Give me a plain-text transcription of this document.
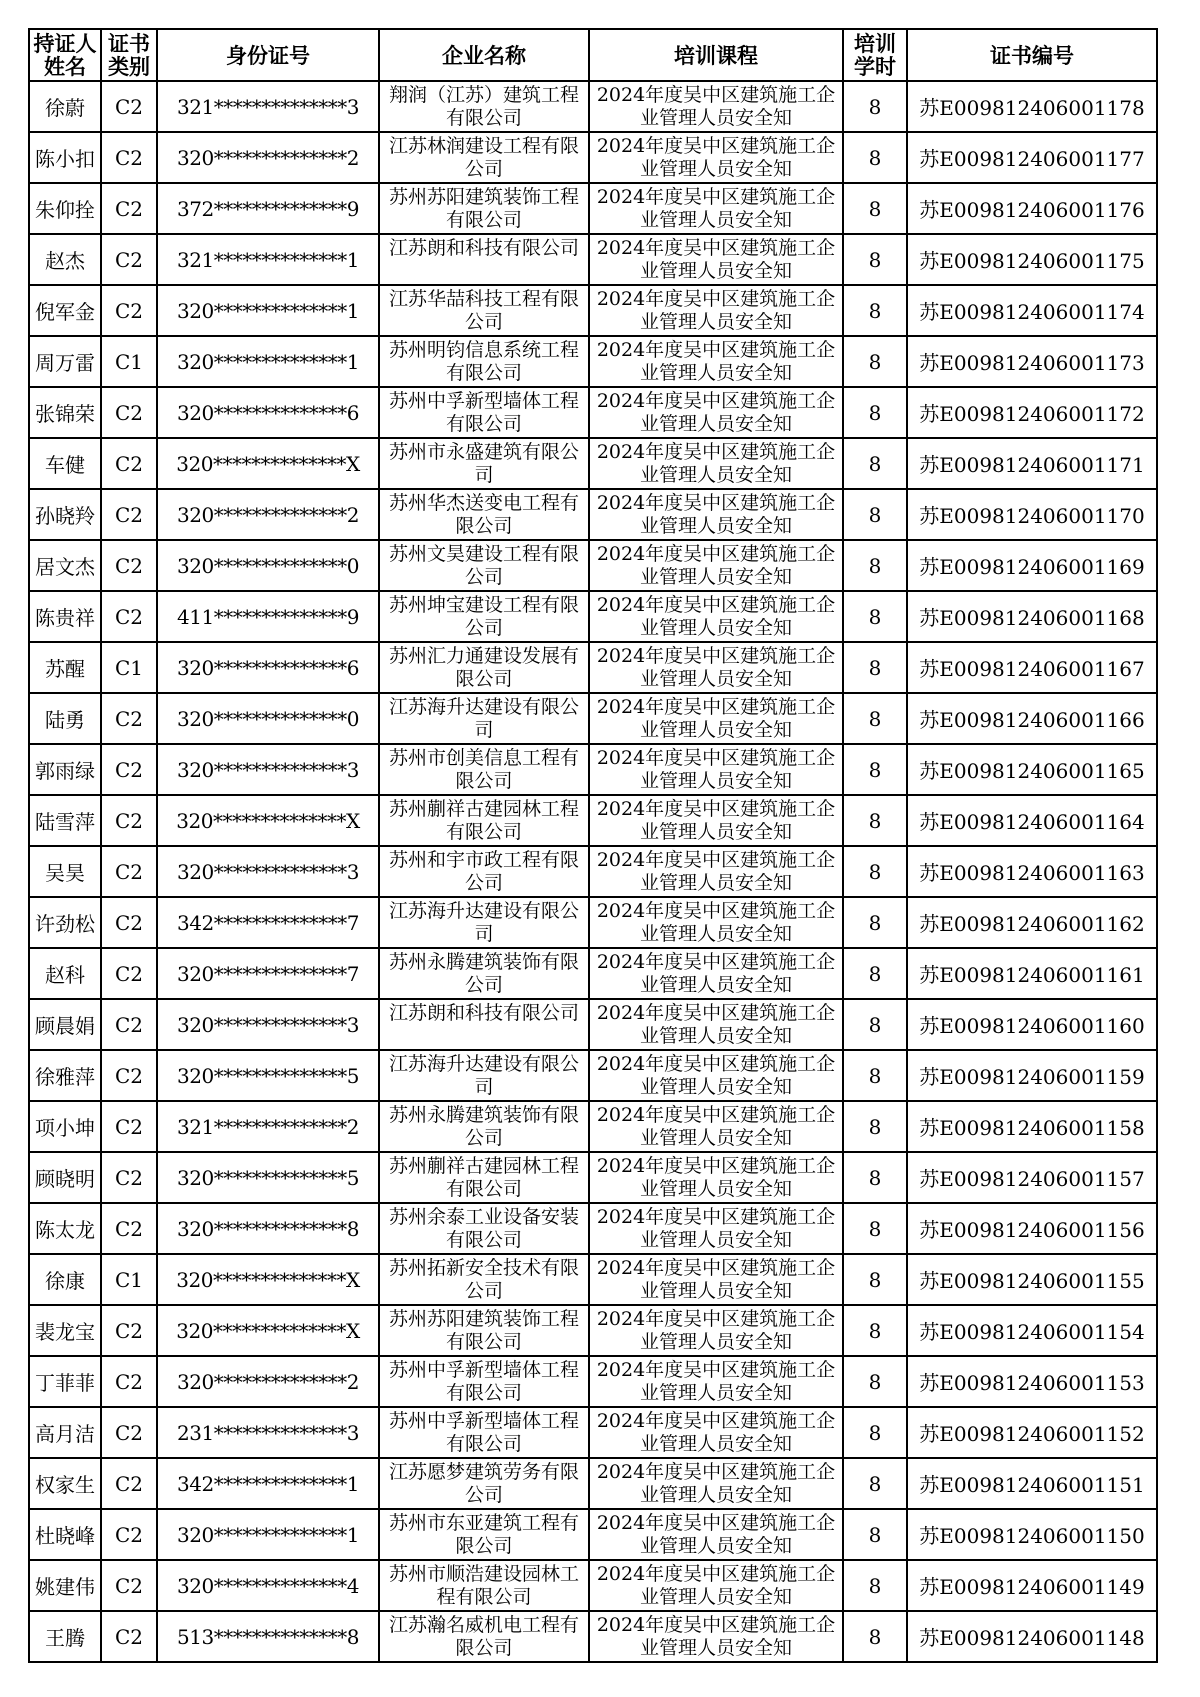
持证人姓名	证书类别	身份证号	企业名称	培训课程	培训学时	证书编号
徐蔚	C2	321**************3	翔润（江苏）建筑工程有限公司	2024年度吴中区建筑施工企业管理人员安全知	8	苏E009812406001178
陈小扣	C2	320**************2	江苏林润建设工程有限公司	2024年度吴中区建筑施工企业管理人员安全知	8	苏E009812406001177
朱仰拴	C2	372**************9	苏州苏阳建筑装饰工程有限公司	2024年度吴中区建筑施工企业管理人员安全知	8	苏E009812406001176
赵杰	C2	321**************1	江苏朗和科技有限公司	2024年度吴中区建筑施工企业管理人员安全知	8	苏E009812406001175
倪军金	C2	320**************1	江苏华喆科技工程有限公司	2024年度吴中区建筑施工企业管理人员安全知	8	苏E009812406001174
周万雷	C1	320**************1	苏州明钧信息系统工程有限公司	2024年度吴中区建筑施工企业管理人员安全知	8	苏E009812406001173
张锦荣	C2	320**************6	苏州中孚新型墙体工程有限公司	2024年度吴中区建筑施工企业管理人员安全知	8	苏E009812406001172
车健	C2	320**************X	苏州市永盛建筑有限公司	2024年度吴中区建筑施工企业管理人员安全知	8	苏E009812406001171
孙晓羚	C2	320**************2	苏州华杰送变电工程有限公司	2024年度吴中区建筑施工企业管理人员安全知	8	苏E009812406001170
居文杰	C2	320**************0	苏州文昊建设工程有限公司	2024年度吴中区建筑施工企业管理人员安全知	8	苏E009812406001169
陈贵祥	C2	411**************9	苏州坤宝建设工程有限公司	2024年度吴中区建筑施工企业管理人员安全知	8	苏E009812406001168
苏醒	C1	320**************6	苏州汇力通建设发展有限公司	2024年度吴中区建筑施工企业管理人员安全知	8	苏E009812406001167
陆勇	C2	320**************0	江苏海升达建设有限公司	2024年度吴中区建筑施工企业管理人员安全知	8	苏E009812406001166
郭雨绿	C2	320**************3	苏州市创美信息工程有限公司	2024年度吴中区建筑施工企业管理人员安全知	8	苏E009812406001165
陆雪萍	C2	320**************X	苏州蒯祥古建园林工程有限公司	2024年度吴中区建筑施工企业管理人员安全知	8	苏E009812406001164
吴昊	C2	320**************3	苏州和宇市政工程有限公司	2024年度吴中区建筑施工企业管理人员安全知	8	苏E009812406001163
许劲松	C2	342**************7	江苏海升达建设有限公司	2024年度吴中区建筑施工企业管理人员安全知	8	苏E009812406001162
赵科	C2	320**************7	苏州永腾建筑装饰有限公司	2024年度吴中区建筑施工企业管理人员安全知	8	苏E009812406001161
顾晨娟	C2	320**************3	江苏朗和科技有限公司	2024年度吴中区建筑施工企业管理人员安全知	8	苏E009812406001160
徐雅萍	C2	320**************5	江苏海升达建设有限公司	2024年度吴中区建筑施工企业管理人员安全知	8	苏E009812406001159
项小坤	C2	321**************2	苏州永腾建筑装饰有限公司	2024年度吴中区建筑施工企业管理人员安全知	8	苏E009812406001158
顾晓明	C2	320**************5	苏州蒯祥古建园林工程有限公司	2024年度吴中区建筑施工企业管理人员安全知	8	苏E009812406001157
陈太龙	C2	320**************8	苏州余泰工业设备安装有限公司	2024年度吴中区建筑施工企业管理人员安全知	8	苏E009812406001156
徐康	C1	320**************X	苏州拓新安全技术有限公司	2024年度吴中区建筑施工企业管理人员安全知	8	苏E009812406001155
裴龙宝	C2	320**************X	苏州苏阳建筑装饰工程有限公司	2024年度吴中区建筑施工企业管理人员安全知	8	苏E009812406001154
丁菲菲	C2	320**************2	苏州中孚新型墙体工程有限公司	2024年度吴中区建筑施工企业管理人员安全知	8	苏E009812406001153
高月洁	C2	231**************3	苏州中孚新型墙体工程有限公司	2024年度吴中区建筑施工企业管理人员安全知	8	苏E009812406001152
权家生	C2	342**************1	江苏愿梦建筑劳务有限公司	2024年度吴中区建筑施工企业管理人员安全知	8	苏E009812406001151
杜晓峰	C2	320**************1	苏州市东亚建筑工程有限公司	2024年度吴中区建筑施工企业管理人员安全知	8	苏E009812406001150
姚建伟	C2	320**************4	苏州市顺浩建设园林工程有限公司	2024年度吴中区建筑施工企业管理人员安全知	8	苏E009812406001149
王腾	C2	513**************8	江苏瀚名威机电工程有限公司	2024年度吴中区建筑施工企业管理人员安全知	8	苏E009812406001148
